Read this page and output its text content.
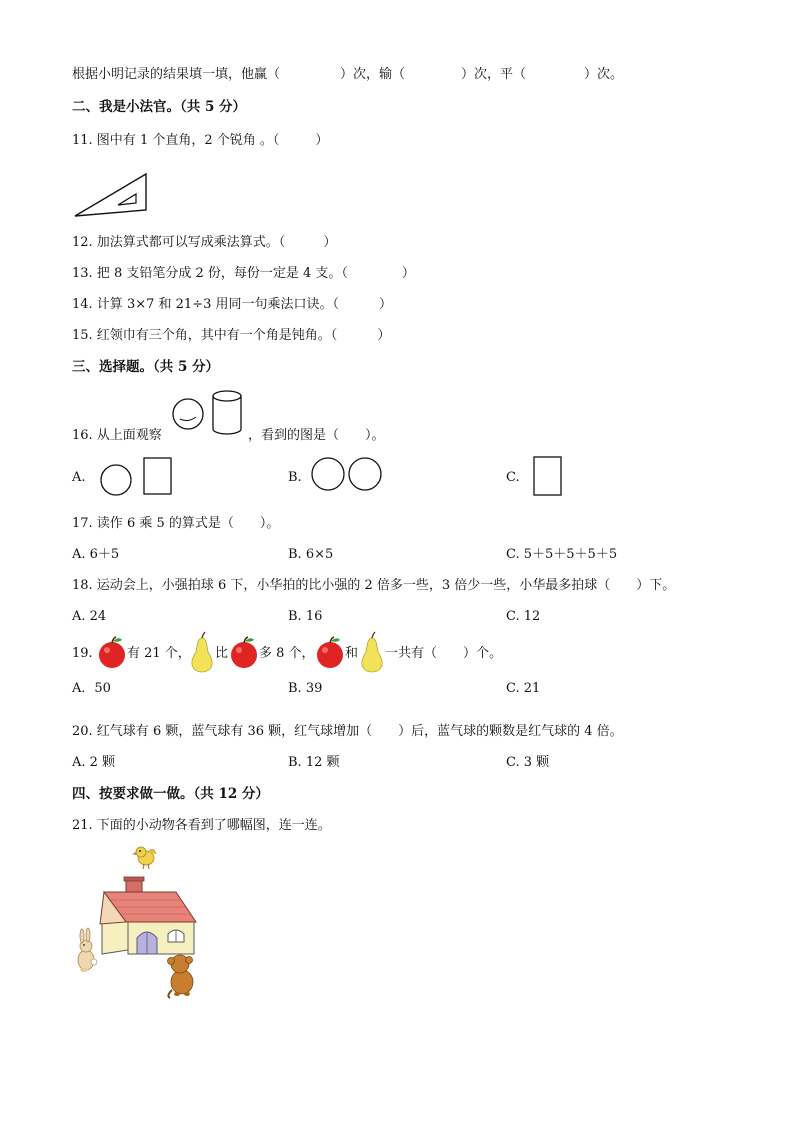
根据小明记录的结果填一填，他赢（	）次，输（	）次，平（	）次。
二、我是小法官。（共 5 分）
11. 图中有 1 个直角，2 个锐角 。（	）
12. 加法算式都可以写成乘法算式。（	）
13. 把 8 支铅笔分成 2 份，每份一定是 4 支。（	）
14. 计算 3×7 和 21÷3 用同一句乘法口诀。（	）
15. 红领巾有三个角，其中有一个角是钝角。（	）
三、选择题。（共 5 分）
16. 从上面观察	，看到的图是（　　）。
A.	B.	C.
17. 读作 6 乘 5 的算式是（　　）。
A. 6＋5	B. 6×5	C. 5＋5＋5＋5＋5
18. 运动会上，小强拍球 6 下，小华拍的比小强的 2 倍多一些，3 倍少一些，小华最多拍球（　　）下。
A. 24	B. 16	C. 12
19.	有 21 个， 比 多 8 个， 和 一共有（　　）个。
A．50	B. 39	C. 21
20. 红气球有 6 颗，蓝气球有 36 颗，红气球增加（　　）后，蓝气球的颗数是红气球的 4 倍。
A. 2 颗	B. 12 颗	C. 3 颗
四、按要求做一做。（共 12 分）
21. 下面的小动物各看到了哪幅图，连一连。
